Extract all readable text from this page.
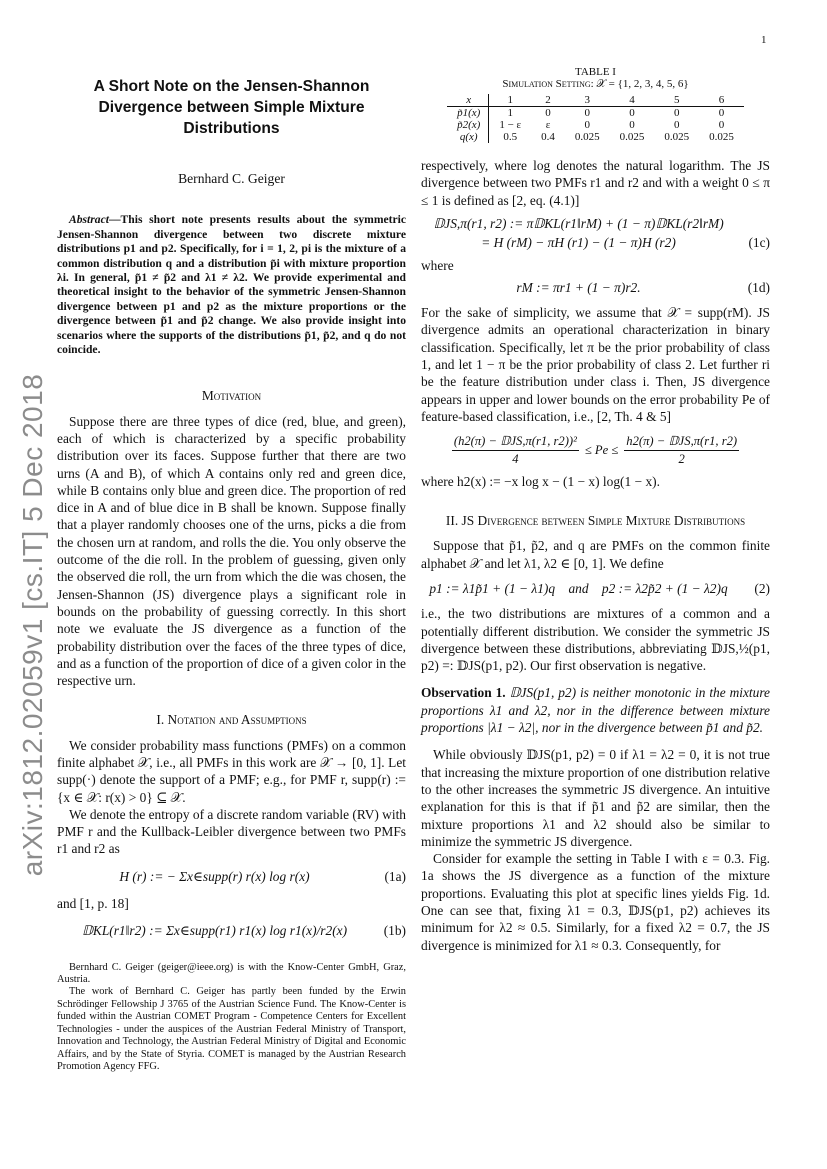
1
arXiv:1812.02059v1 [cs.IT] 5 Dec 2018
A Short Note on the Jensen-Shannon Divergence between Simple Mixture Distributions
Bernhard C. Geiger
Abstract—This short note presents results about the symmetric Jensen-Shannon divergence between two discrete mixture distributions p1 and p2. Specifically, for i = 1, 2, pi is the mixture of a common distribution q and a distribution p̃i with mixture proportion λi. In general, p̃1 ≠ p̃2 and λ1 ≠ λ2. We provide experimental and theoretical insight to the behavior of the symmetric Jensen-Shannon divergence between p1 and p2 as the mixture proportions or the divergence between p̃1 and p̃2 change. We also provide insight into scenarios where the supports of the distributions p̃1, p̃2, and q do not coincide.
Motivation

Suppose there are three types of dice (red, blue, and green), each of which is characterized by a specific probability distribution over its faces. Suppose further that there are two urns (A and B), of which A contains only red and green dice, while B contains only blue and green dice. The proportion of red dice in A and of blue dice in B shall be known. Suppose finally that a player randomly chooses one of the urns, picks a die from the chosen urn at random, and rolls the die. You only observe the outcome of the die roll. In the problem of guessing, given only the observed die roll, the urn from which the die was chosen, the Jensen-Shannon (JS) divergence plays a significant role in bounds on the probability of guessing correctly. In this short note we evaluate the JS divergence as a function of the probability distribution over the faces of the three types of dice, and as a function of the proportion of dice of a given color in the respective urn.

I. Notation and Assumptions

We consider probability mass functions (PMFs) on a common finite alphabet 𝒳, i.e., all PMFs in this work are 𝒳 → [0, 1]. Let supp(·) denote the support of a PMF; e.g., for PMF r, supp(r) := {x ∈ 𝒳: r(x) > 0} ⊆ 𝒳.

We denote the entropy of a discrete random variable (RV) with PMF r and the Kullback-Leibler divergence between two PMFs r1 and r2 as

H (r) := − Σx∈supp(r) r(x) log r(x)	(1a)

and [1, p. 18]

𝔻KL(r1‖r2) := Σx∈supp(r1) r1(x) log r1(x)/r2(x)	(1b)

Bernhard C. Geiger (geiger@ieee.org) is with the Know-Center GmbH, Graz, Austria.

The work of Bernhard C. Geiger has partly been funded by the Erwin Schrödinger Fellowship J 3765 of the Austrian Science Fund. The Know-Center is funded within the Austrian COMET Program - Competence Centers for Excellent Technologies - under the auspices of the Austrian Federal Ministry of Transport, Innovation and Technology, the Austrian Federal Ministry of Digital and Economic Affairs, and by the State of Styria. COMET is managed by the Austrian Research Promotion Agency FFG.

TABLE I
Simulation Setting: 𝒳 = {1, 2, 3, 4, 5, 6}
x	1	2	3	4	5	6
p̃1(x)	1	0	0	0	0	0
p̃2(x)	1 − ε	ε	0	0	0	0
q(x)	0.5	0.4	0.025	0.025	0.025	0.025

respectively, where log denotes the natural logarithm. The JS divergence between two PMFs r1 and r2 and with a weight 0 ≤ π ≤ 1 is defined as [2, eq. (4.1)]

𝔻JS,π(r1, r2) := π𝔻KL(r1‖rM) + (1 − π)𝔻KL(r2‖rM)
= H (rM) − πH (r1) − (1 − π)H (r2)	(1c)

where

rM := πr1 + (1 − π)r2.	(1d)

For the sake of simplicity, we assume that 𝒳 = supp(rM). JS divergence admits an operational characterization in binary classification. Specifically, let π be the prior probability of class 1, and let 1 − π be the prior probability of class 2. Let further ri be the feature distribution under class i. Then, JS divergence appears in upper and lower bounds on the error probability Pe of feature-based classification, i.e., [2, Th. 4 & 5]

$\frac{\text{(h2(π) − 𝔻JS,π(r1, r2))²}}{4} \le Pe \le \frac{\text{h2(π) − 𝔻JS,π(r1, r2)}}{2}$

where h2(x) := −x log x − (1 − x) log(1 − x).

II. JS Divergence between Simple Mixture Distributions

Suppose that p̃1, p̃2, and q are PMFs on the common finite alphabet 𝒳 and let λ1, λ2 ∈ [0, 1]. We define

p1 := λ1p̃1 + (1 − λ1)q    and    p2 := λ2p̃2 + (1 − λ2)q	(2)

i.e., the two distributions are mixtures of a common and a potentially different distribution. We consider the symmetric JS divergence between these distributions, abbreviating 𝔻JS,½(p1, p2) =: 𝔻JS(p1, p2). Our first observation is negative.

Observation 1. 𝔻JS(p1, p2) is neither monotonic in the mixture proportions λ1 and λ2, nor in the difference between mixture proportions |λ1 − λ2|, nor in the divergence between p̃1 and p̃2.

While obviously 𝔻JS(p1, p2) = 0 if λ1 = λ2 = 0, it is not true that increasing the mixture proportion of one distribution relative to the other increases the symmetric JS divergence. An intuitive explanation for this is that if p̃1 and p̃2 are similar, then the mixture proportions λ1 and λ2 should also be similar to minimize the symmetric JS divergence.

Consider for example the setting in Table I with ε = 0.3. Fig. 1a shows the JS divergence as a function of the mixture proportions. Evaluating this plot at specific lines yields Fig. 1d. One can see that, fixing λ1 = 0.3, 𝔻JS(p1, p2) achieves its minimum for λ2 ≈ 0.5. Similarly, for a fixed λ2 = 0.7, the JS divergence is minimized for λ1 ≈ 0.3. Consequently, for
